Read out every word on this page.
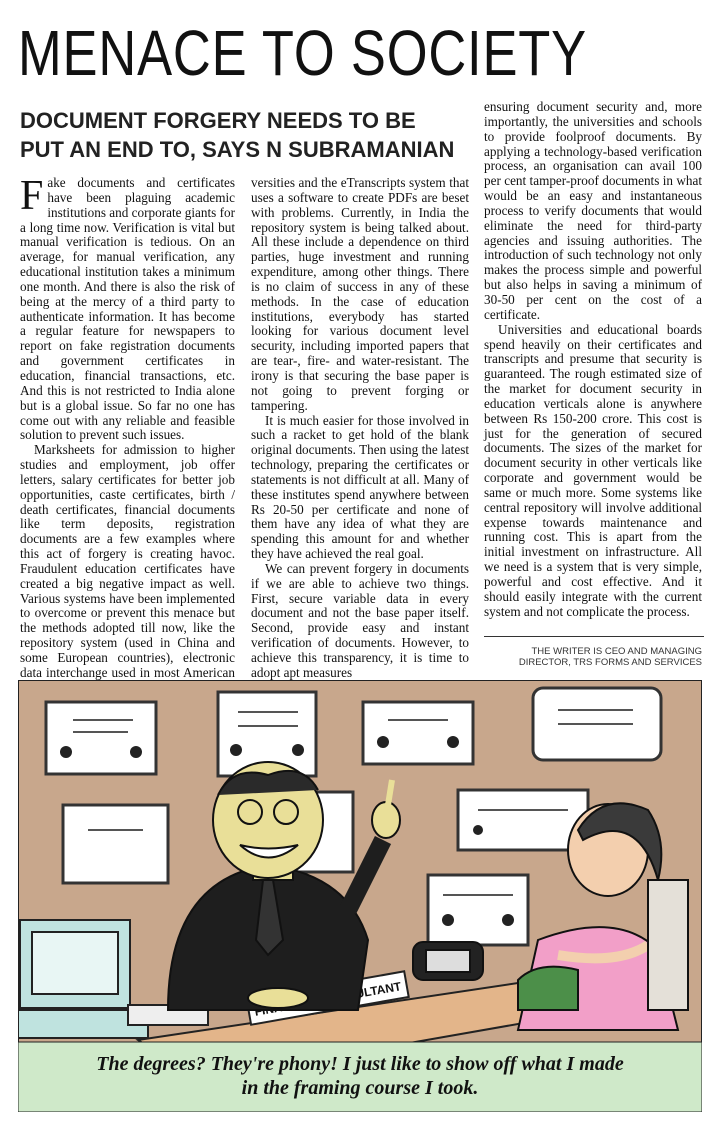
MENACE TO SOCIETY
DOCUMENT FORGERY NEEDS TO BE PUT AN END TO, SAYS N SUBRAMANIAN

Fake documents and certificates have been plaguing academic institutions and corporate giants for a long time now. Verification is vital but manual verification is tedious. On an average, for manual verification, any educational institution takes a minimum one month. And there is also the risk of being at the mercy of a third party to authenticate information. It has become a regular feature for newspapers to report on fake registration documents and government certificates in education, financial transactions, etc. And this is not restricted to India alone but is a global issue. So far no one has come out with any reliable and feasible solution to prevent such issues.

Marksheets for admission to higher studies and employment, job offer letters, salary certificates for better job opportunities, caste certificates, birth / death certificates, financial documents like term deposits, registration documents are a few examples where this act of forgery is creating havoc. Fraudulent education certificates have created a big negative impact as well. Various systems have been implemented to overcome or prevent this menace but the methods adopted till now, like the repository system (used in China and some European countries), electronic data interchange used in most American

versities and the eTranscripts system that uses a software to create PDFs are beset with problems. Currently, in India the repository system is being talked about. All these include a dependence on third parties, huge investment and running expenditure, among other things. There is no claim of success in any of these methods. In the case of education institutions, everybody has started looking for various document level security, including imported papers that are tear-, fire- and water-resistant. The irony is that securing the base paper is not going to prevent forging or tampering.

It is much easier for those involved in such a racket to get hold of the blank original documents. Then using the latest technology, preparing the certificates or statements is not difficult at all. Many of these institutes spend anywhere between Rs 20-50 per certificate and none of them have any idea of what they are spending this amount for and whether they have achieved the real goal.

We can prevent forgery in documents if we are able to achieve two things. First, secure variable data in every document and not the base paper itself. Second, provide easy and instant verification of documents. However, to achieve this transparency, it is time to adopt apt measures

ensuring document security and, more importantly, the universities and schools to provide foolproof documents. By applying a technology-based verification process, an organisation can avail 100 per cent tamper-proof documents in what would be an easy and instantaneous process to verify documents that would eliminate the need for third-party agencies and issuing authorities. The introduction of such technology not only makes the process simple and powerful but also helps in saving a minimum of 30-50 per cent on the cost of a certificate.

Universities and educational boards spend heavily on their certificates and transcripts and presume that security is guaranteed. The rough estimated size of the market for document security in education verticals alone is anywhere between Rs 150-200 crore. This cost is just for the generation of secured documents. The sizes of the market for document security in other verticals like corporate and government would be same or much more. Some systems like central repository will involve additional expense towards maintenance and running cost. This is apart from the initial investment on infrastructure. All we need is a system that is very simple, powerful and cost effective. And it should easily integrate with the current system and not complicate the process.

THE WRITER IS CEO AND MANAGING DIRECTOR, TRS FORMS AND SERVICES
The degrees? They're phony! I just like to show off what I made
in the framing course I took.
